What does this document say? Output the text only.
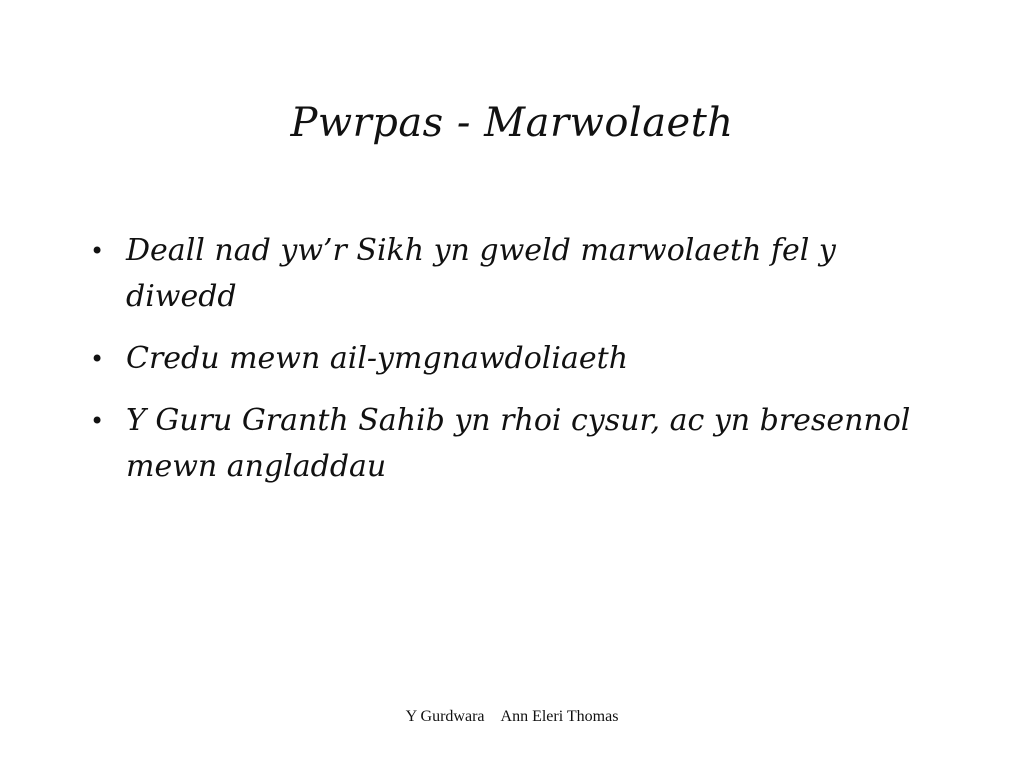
Pwrpas - Marwolaeth
• Deall nad yw’r Sikh yn gweld marwolaeth fel y diwedd
• Credu mewn ail-ymgnawdoliaeth
• Y Guru Granth Sahib yn rhoi cysur, ac yn bresennol mewn angladdau
Y Gurdwara Ann Eleri Thomas
